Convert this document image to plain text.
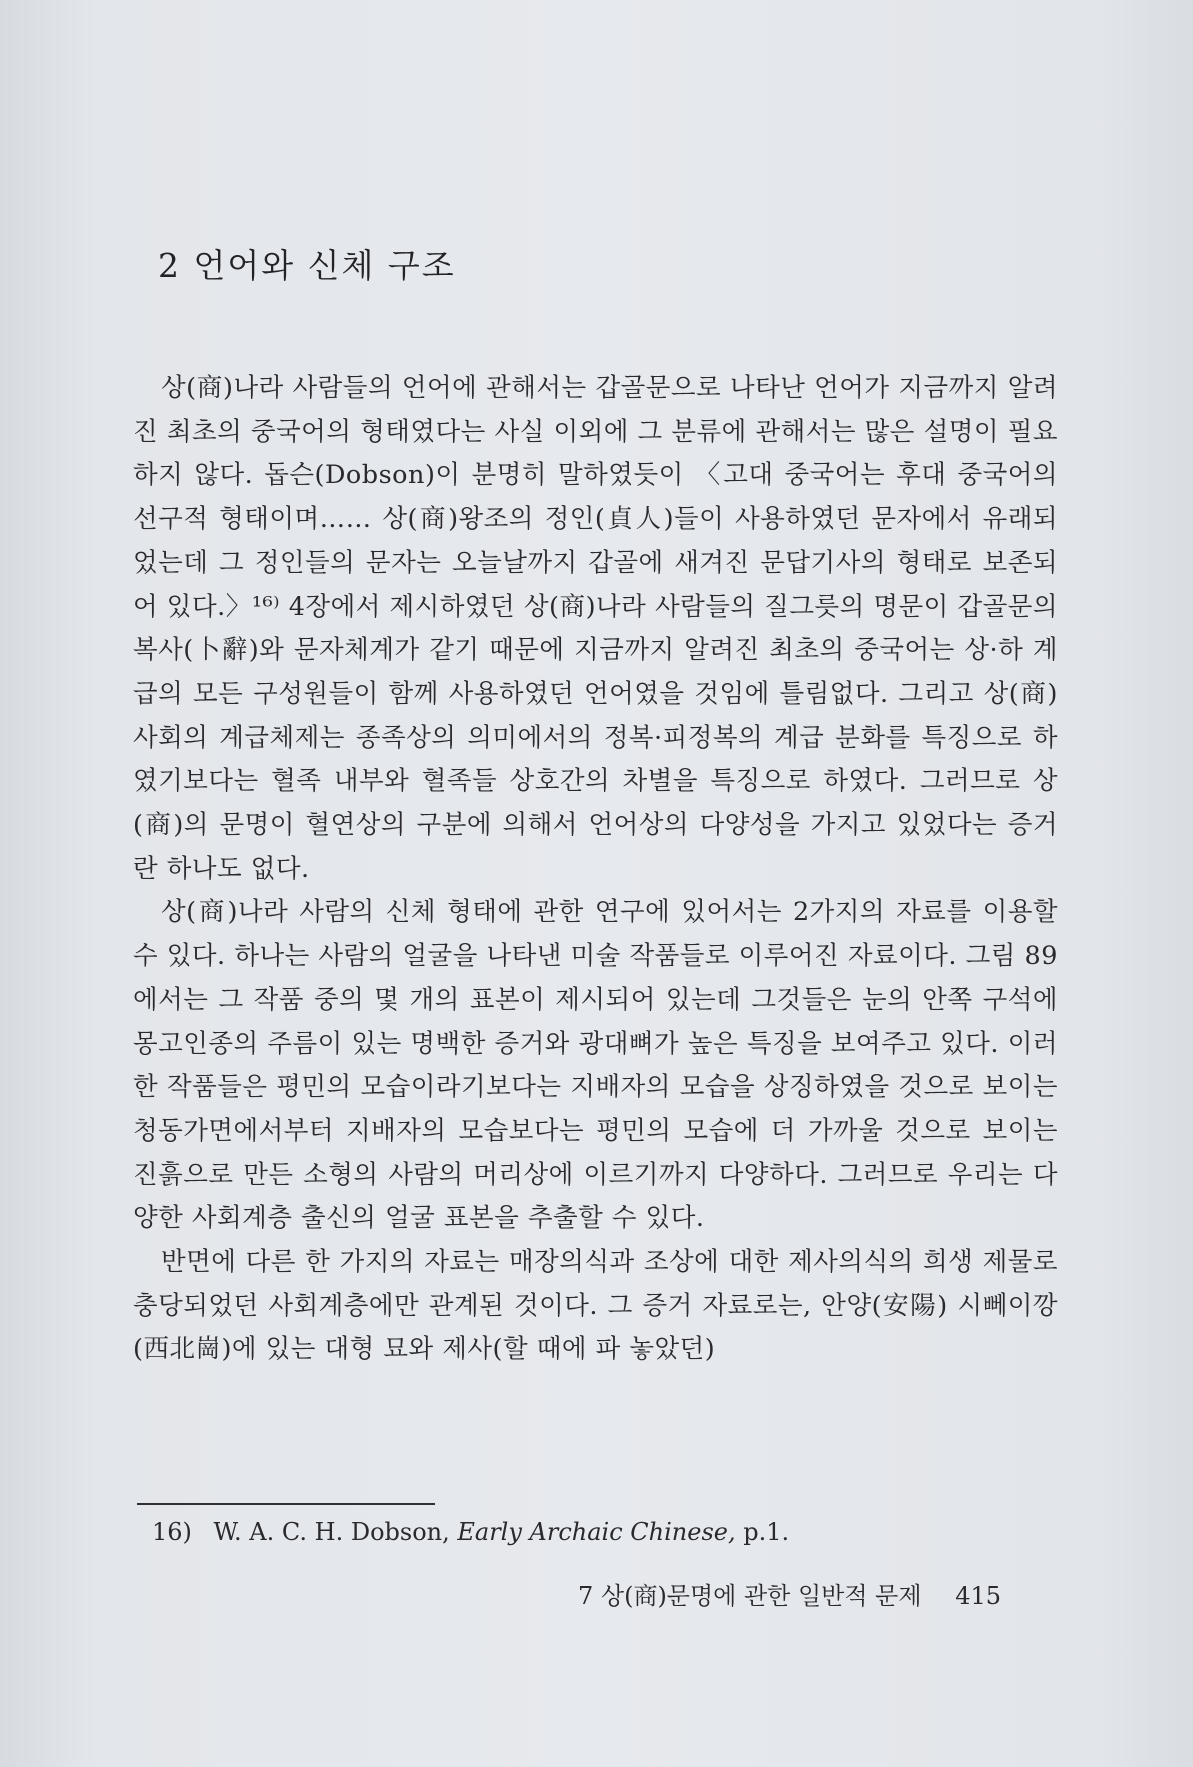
2 언어와 신체 구조

상(商)나라 사람들의 언어에 관해서는 갑골문으로 나타난 언어가 지금까지 알려진 최초의 중국어의 형태였다는 사실 이외에 그 분류에 관해서는 많은 설명이 필요하지 않다. 돕슨(Dobson)이 분명히 말하였듯이 〈고대 중국어는 후대 중국어의 선구적 형태이며…… 상(商)왕조의 정인(貞人)들이 사용하였던 문자에서 유래되었는데 그 정인들의 문자는 오늘날까지 갑골에 새겨진 문답기사의 형태로 보존되어 있다.〉¹⁶⁾ 4장에서 제시하였던 상(商)나라 사람들의 질그릇의 명문이 갑골문의 복사(卜辭)와 문자체계가 같기 때문에 지금까지 알려진 최초의 중국어는 상·하 계급의 모든 구성원들이 함께 사용하였던 언어였을 것임에 틀림없다. 그리고 상(商)사회의 계급체제는 종족상의 의미에서의 정복·피정복의 계급 분화를 특징으로 하였기보다는 혈족 내부와 혈족들 상호간의 차별을 특징으로 하였다. 그러므로 상(商)의 문명이 혈연상의 구분에 의해서 언어상의 다양성을 가지고 있었다는 증거란 하나도 없다.

상(商)나라 사람의 신체 형태에 관한 연구에 있어서는 2가지의 자료를 이용할 수 있다. 하나는 사람의 얼굴을 나타낸 미술 작품들로 이루어진 자료이다. 그림 89에서는 그 작품 중의 몇 개의 표본이 제시되어 있는데 그것들은 눈의 안쪽 구석에 몽고인종의 주름이 있는 명백한 증거와 광대뼈가 높은 특징을 보여주고 있다. 이러한 작품들은 평민의 모습이라기보다는 지배자의 모습을 상징하였을 것으로 보이는 청동가면에서부터 지배자의 모습보다는 평민의 모습에 더 가까울 것으로 보이는 진흙으로 만든 소형의 사람의 머리상에 이르기까지 다양하다. 그러므로 우리는 다양한 사회계층 출신의 얼굴 표본을 추출할 수 있다.

반면에 다른 한 가지의 자료는 매장의식과 조상에 대한 제사의식의 희생 제물로 충당되었던 사회계층에만 관계된 것이다. 그 증거 자료로는, 안양(安陽) 시뻬이깡(西北崗)에 있는 대형 묘와 제사(할 때에 파 놓았던)

16) W. A. C. H. Dobson, Early Archaic Chinese, p.1.
7 상(商)문명에 관한 일반적 문제 415
